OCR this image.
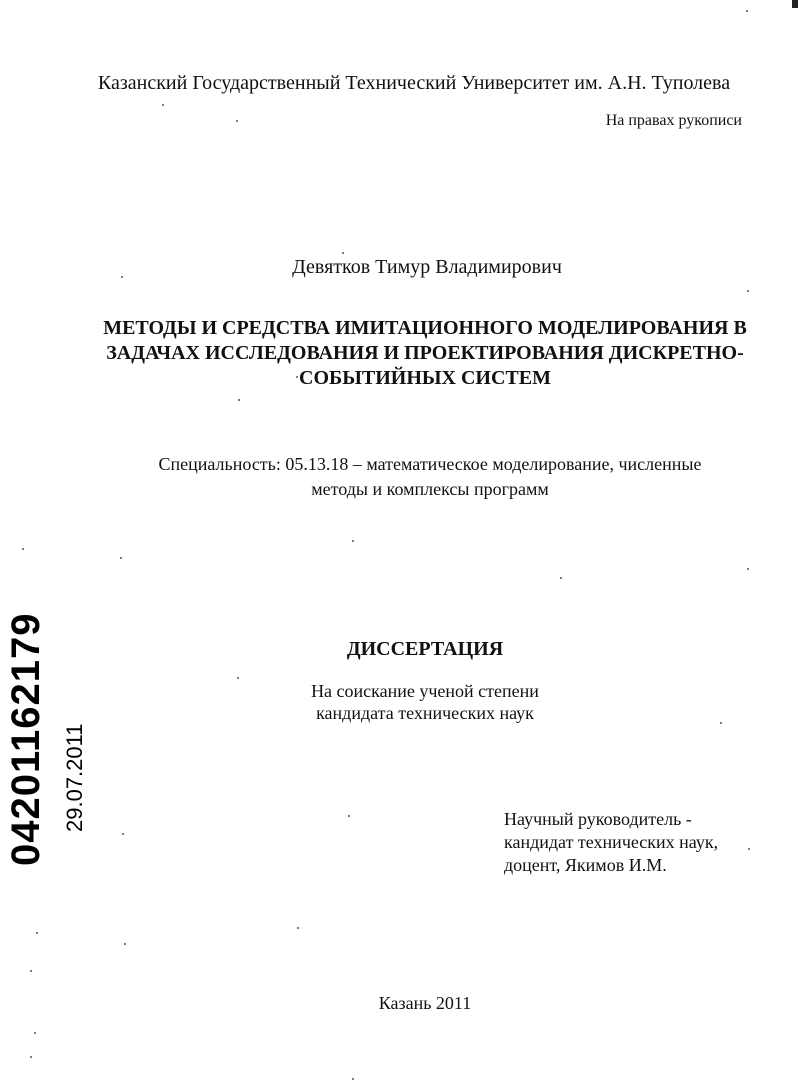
Казанский Государственный Технический Университет им. А.Н. Туполева
На правах рукописи
Девятков Тимур Владимирович
МЕТОДЫ И СРЕДСТВА ИМИТАЦИОННОГО МОДЕЛИРОВАНИЯ В
ЗАДАЧАХ ИССЛЕДОВАНИЯ И ПРОЕКТИРОВАНИЯ ДИСКРЕТНО-
СОБЫТИЙНЫХ СИСТЕМ
Специальность: 05.13.18 – математическое моделирование, численные
методы и комплексы программ
ДИССЕРТАЦИЯ
На соискание ученой степени
кандидата технических наук
Научный руководитель -
кандидат технических наук,
доцент, Якимов И.М.
Казань 2011
04201162179 29.07.2011
